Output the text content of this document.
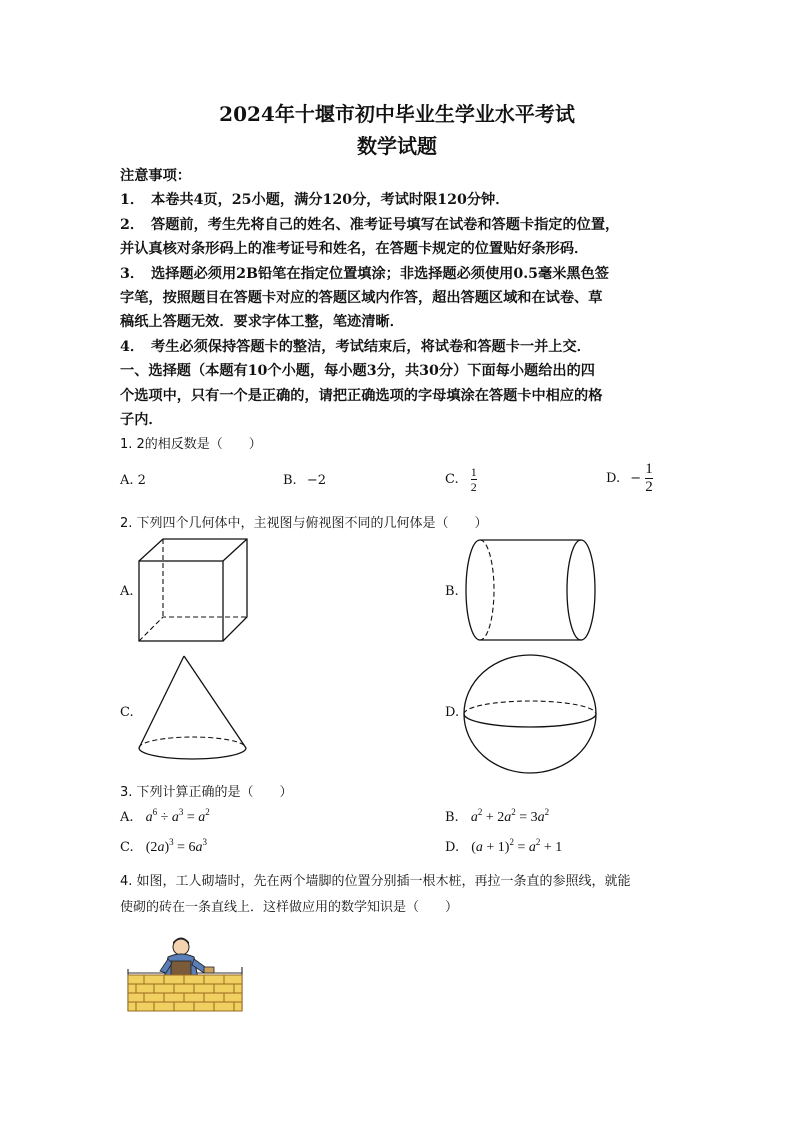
2024年十堰市初中毕业生学业水平考试
数学试题
注意事项：
1． 本卷共4页，25小题，满分120分，考试时限120分钟．
2． 答题前，考生先将自己的姓名、准考证号填写在试卷和答题卡指定的位置，
并认真核对条形码上的准考证号和姓名，在答题卡规定的位置贴好条形码．
3． 选择题必须用2B铅笔在指定位置填涂；非选择题必须使用0.5毫米黑色签
字笔，按照题目在答题卡对应的答题区域内作答，超出答题区域和在试卷、草
稿纸上答题无效．要求字体工整，笔迹清晰．
4． 考生必须保持答题卡的整洁，考试结束后，将试卷和答题卡一并上交．
一、选择题（本题有10个小题，每小题3分，共30分）下面每小题给出的四
个选项中，只有一个是正确的，请把正确选项的字母填涂在答题卡中相应的格
子内．
1. 2的相反数是（　　）
A. 2	B. −2	C. $\frac{1}{2}$	D. − $\frac{1}{2}$
2. 下列四个几何体中，主视图与俯视图不同的几何体是（　　）
A.	B.
C.	D.
3. 下列计算正确的是（　　）
A. $a^6 \div a^3 = a^2$	B. $a^2 + 2a^2 = 3a^2$
C. $(2a)^3 = 6a^3$	D. $(a + 1)^2 = a^2 + 1$
4. 如图，工人砌墙时，先在两个墙脚的位置分别插一根木桩，再拉一条直的参照线，就能
使砌的砖在一条直线上．这样做应用的数学知识是（　　）
